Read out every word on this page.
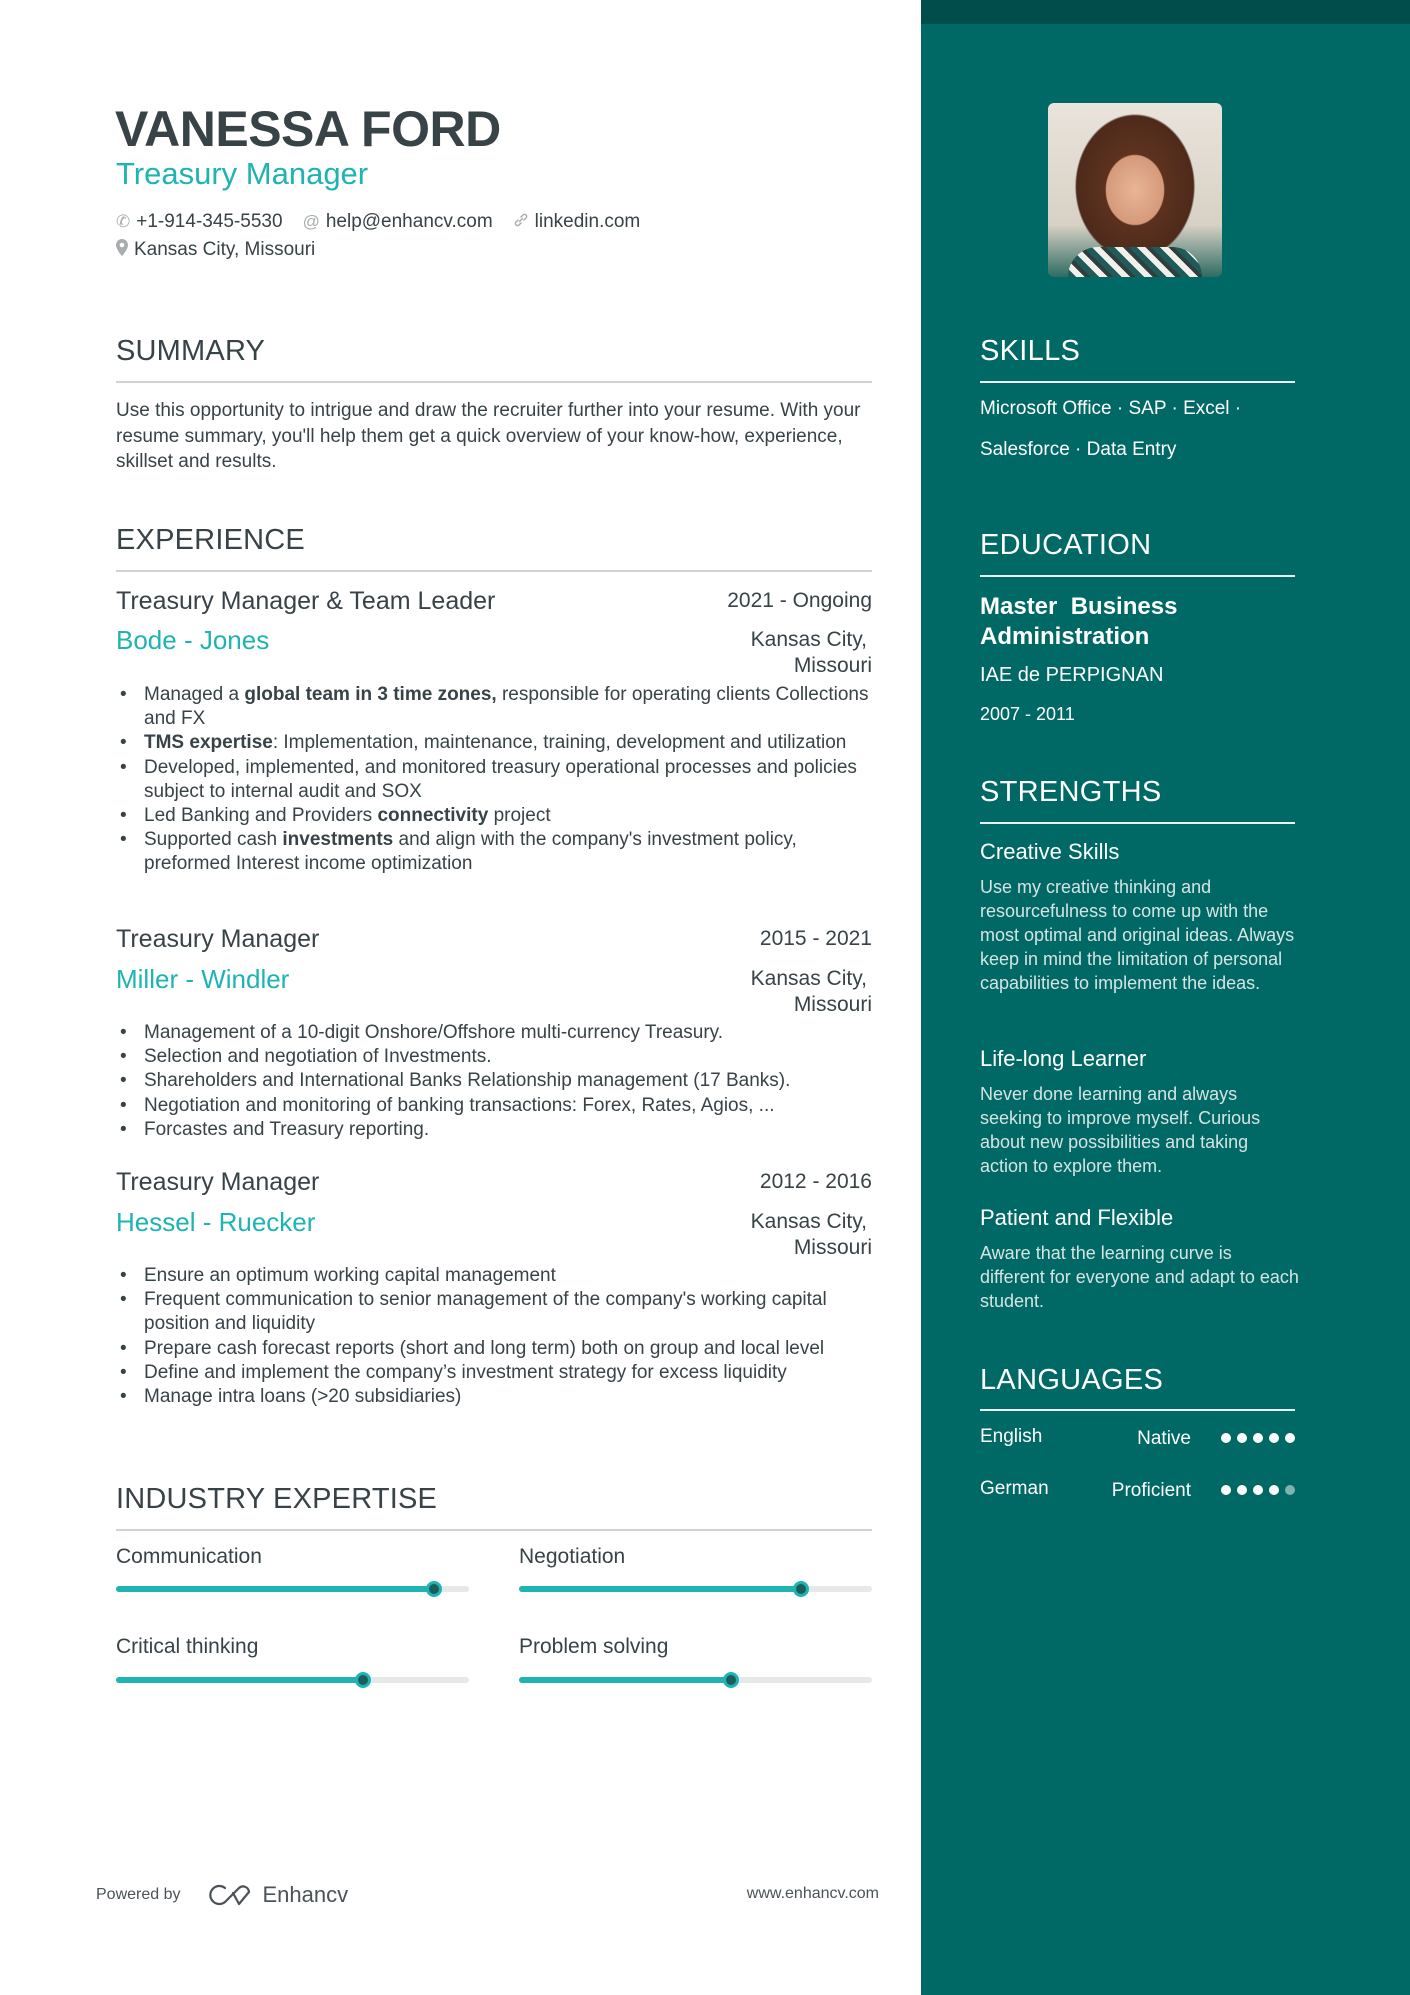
VANESSA FORD
Treasury Manager
✆ +1-914-345-5530 @ help@enhancv.com linkedin.com
Kansas City, Missouri
SUMMARY
Use this opportunity to intrigue and draw the recruiter further into your resume. With your resume summary, you'll help them get a quick overview of your know-how, experience, skillset and results.
EXPERIENCE
Treasury Manager & Team Leader	2021 - Ongoing
Bode - Jones	Kansas City,
Missouri
• Managed a global team in 3 time zones, responsible for operating clients Collections and FX
• TMS expertise: Implementation, maintenance, training, development and utilization
• Developed, implemented, and monitored treasury operational processes and policies subject to internal audit and SOX
• Led Banking and Providers connectivity project
• Supported cash investments and align with the company's investment policy, preformed Interest income optimization
Treasury Manager	2015 - 2021
Miller - Windler	Kansas City,
Missouri
• Management of a 10-digit Onshore/Offshore multi-currency Treasury.
• Selection and negotiation of Investments.
• Shareholders and International Banks Relationship management (17 Banks).
• Negotiation and monitoring of banking transactions: Forex, Rates, Agios, ...
• Forcastes and Treasury reporting.
Treasury Manager	2012 - 2016
Hessel - Ruecker	Kansas City,
Missouri
• Ensure an optimum working capital management
• Frequent communication to senior management of the company's working capital position and liquidity
• Prepare cash forecast reports (short and long term) both on group and local level
• Define and implement the company’s investment strategy for excess liquidity
• Manage intra loans (>20 subsidiaries)
INDUSTRY EXPERTISE
Communication	Negotiation
Critical thinking	Problem solving
Powered by	Enhancv	www.enhancv.com
SKILLS
Microsoft Office · SAP · Excel ·
Salesforce · Data Entry
EDUCATION
Master  Business
Administration
IAE de PERPIGNAN
2007 - 2011
STRENGTHS
Creative Skills
Use my creative thinking and resourcefulness to come up with the most optimal and original ideas. Always keep in mind the limitation of personal capabilities to implement the ideas.
Life-long Learner
Never done learning and always seeking to improve myself. Curious about new possibilities and taking action to explore them.
Patient and Flexible
Aware that the learning curve is different for everyone and adapt to each student.
LANGUAGES
English	Native
German	Proficient
